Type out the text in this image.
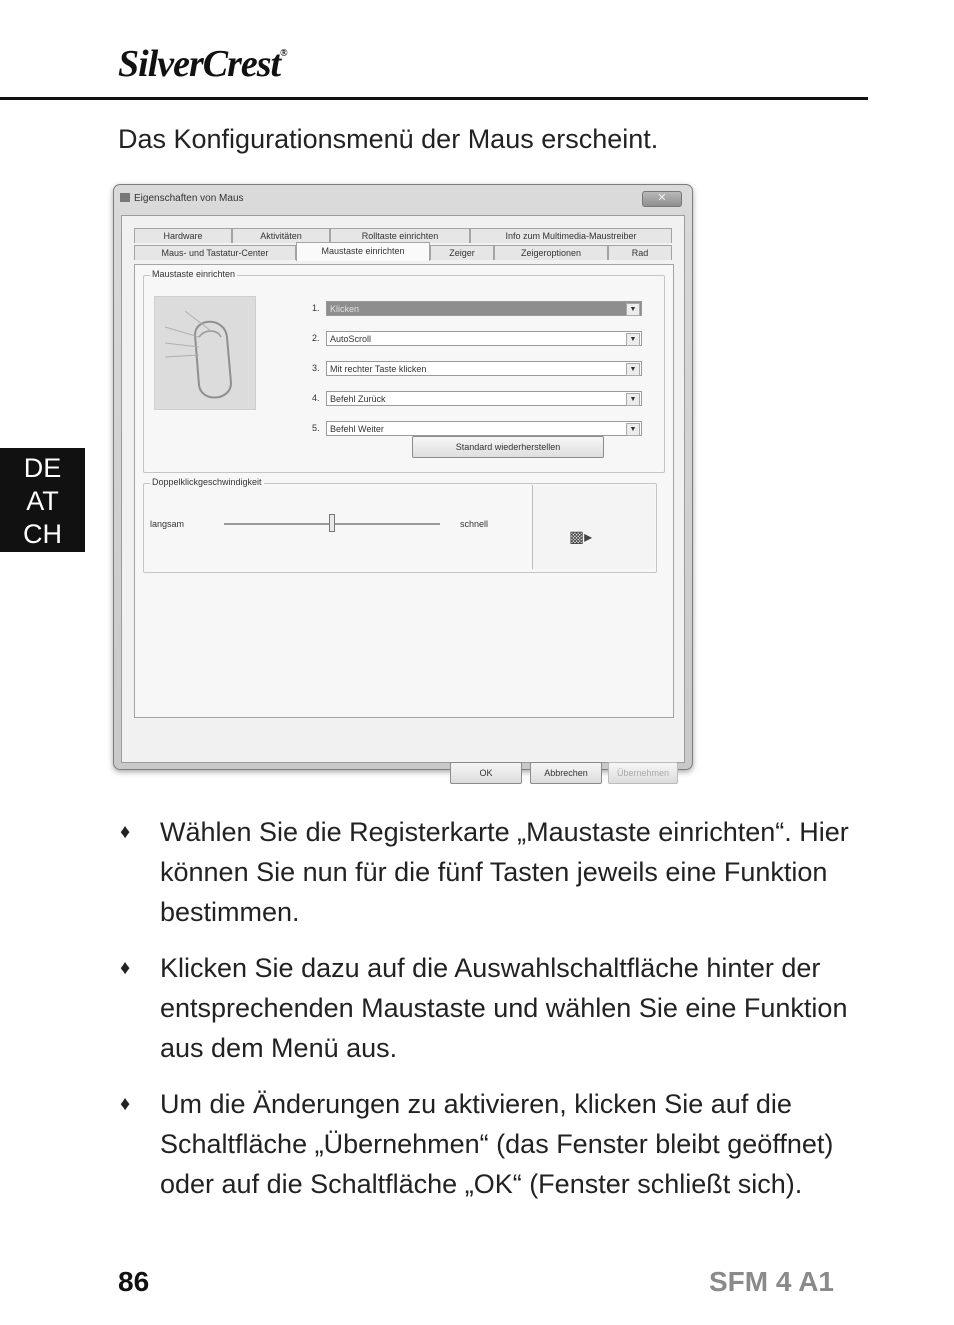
SilverCrest®
Das Konfigurationsmenü der Maus erscheint.
DE
AT
CH
Eigenschaften von Maus	✕
Hardware	Aktivitäten	Rolltaste einrichten	Info zum Multimedia-Maustreiber
Maus- und Tastatur-Center	Maustaste einrichten	Zeiger	Zeigeroptionen	Rad
Maustaste einrichten
1.	Klicken	▼
2.	AutoScroll	▼
3.	Mit rechter Taste klicken	▼
4.	Befehl Zurück	▼
5.	Befehl Weiter	▼
Standard wiederherstellen
Doppelklickgeschwindigkeit
langsam	schnell
▩▸
OK	Abbrechen	Übernehmen
♦ Wählen Sie die Registerkarte „Maustaste einrichten“. Hier können Sie nun für die fünf Tasten jeweils eine Funktion bestimmen.
♦ Klicken Sie dazu auf die Auswahlschaltfläche hinter der entsprechenden Maustaste und wählen Sie eine Funktion aus dem Menü aus.
♦ Um die Änderungen zu aktivieren, klicken Sie auf die Schaltfläche „Übernehmen“ (das Fenster bleibt geöffnet) oder auf die Schaltfläche „OK“ (Fenster schließt sich).
86	SFM 4 A1
